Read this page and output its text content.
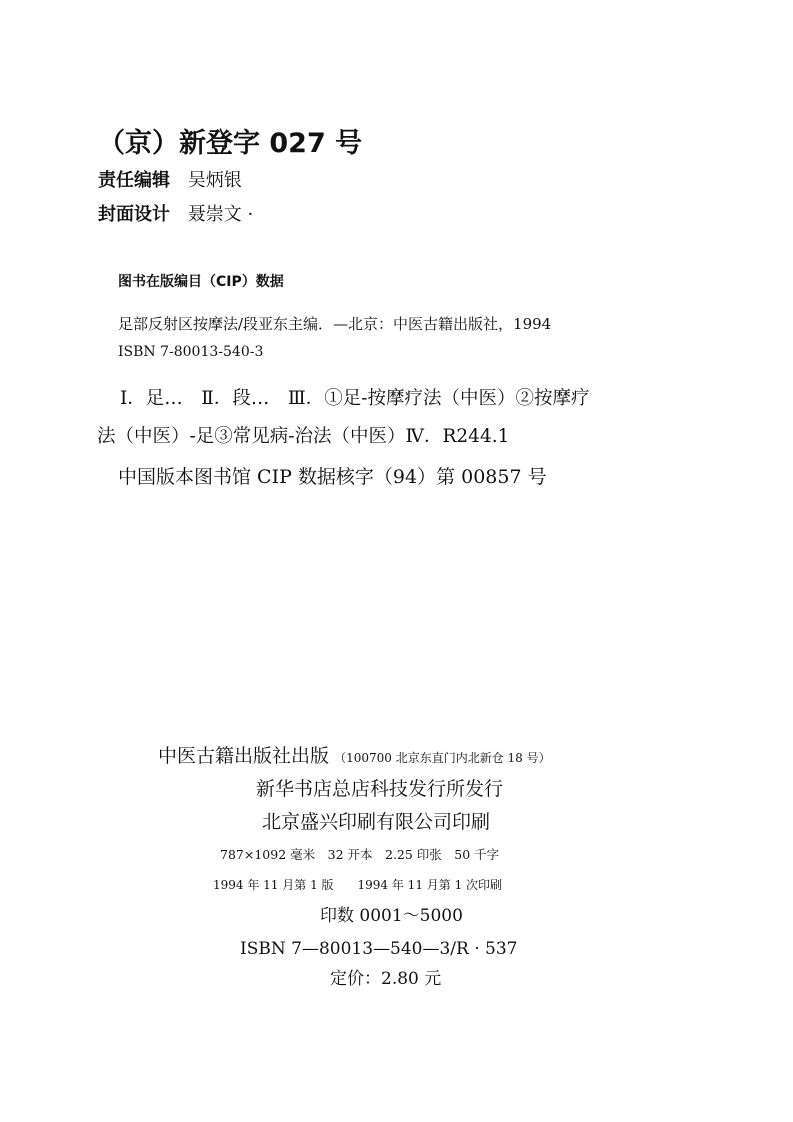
（京）新登字 027 号
责任编辑 吴炳银
封面设计 聂崇文 ·
图书在版编目（CIP）数据
足部反射区按摩法/段亚东主编．—北京：中医古籍出版社，1994
ISBN 7-80013-540-3
Ⅰ．足…　Ⅱ．段…　Ⅲ．①足-按摩疗法（中医）②按摩疗
法（中医）-足③常见病-治法（中医）Ⅳ．R244.1
中国版本图书馆 CIP 数据核字（94）第 00857 号
中医古籍出版社出版 （100700 北京东直门内北新仓 18 号）
新华书店总店科技发行所发行
北京盛兴印刷有限公司印刷
787×1092 毫米　32 开本　2.25 印张　50 千字
1994 年 11 月第 1 版　　1994 年 11 月第 1 次印刷
印数 0001～5000
ISBN 7—80013—540—3/R · 537
定价：2.80 元
